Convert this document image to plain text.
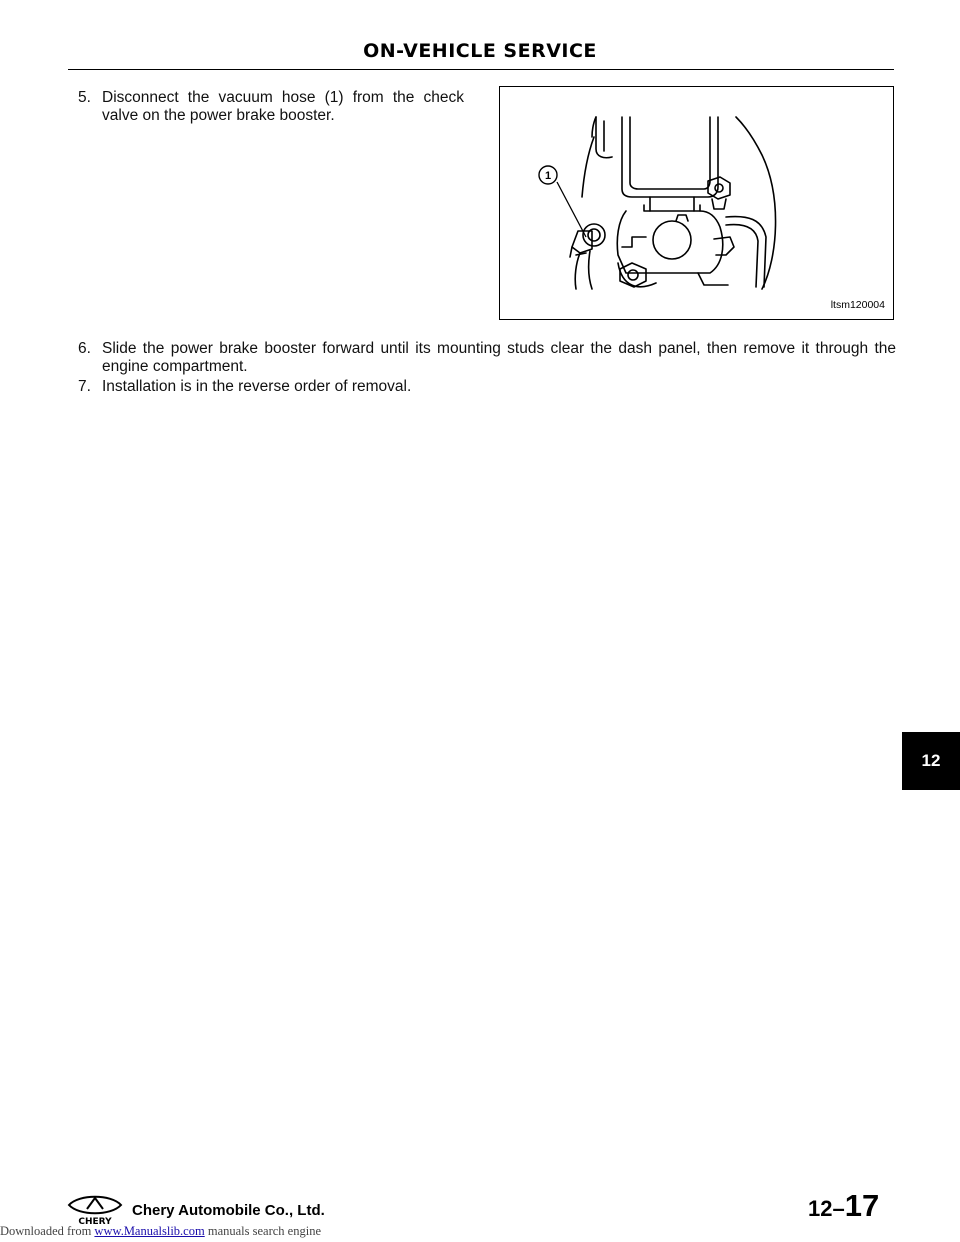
ON-VEHICLE SERVICE
5. Disconnect the vacuum hose (1) from the check valve on the power brake booster.
1
ltsm120004
6. Slide the power brake booster forward until its mounting studs clear the dash panel, then remove it through the engine compartment.
7. Installation is in the reverse order of removal.
12
CHERY
Chery Automobile Co., Ltd.	12–17
Downloaded from www.Manualslib.com manuals search engine
